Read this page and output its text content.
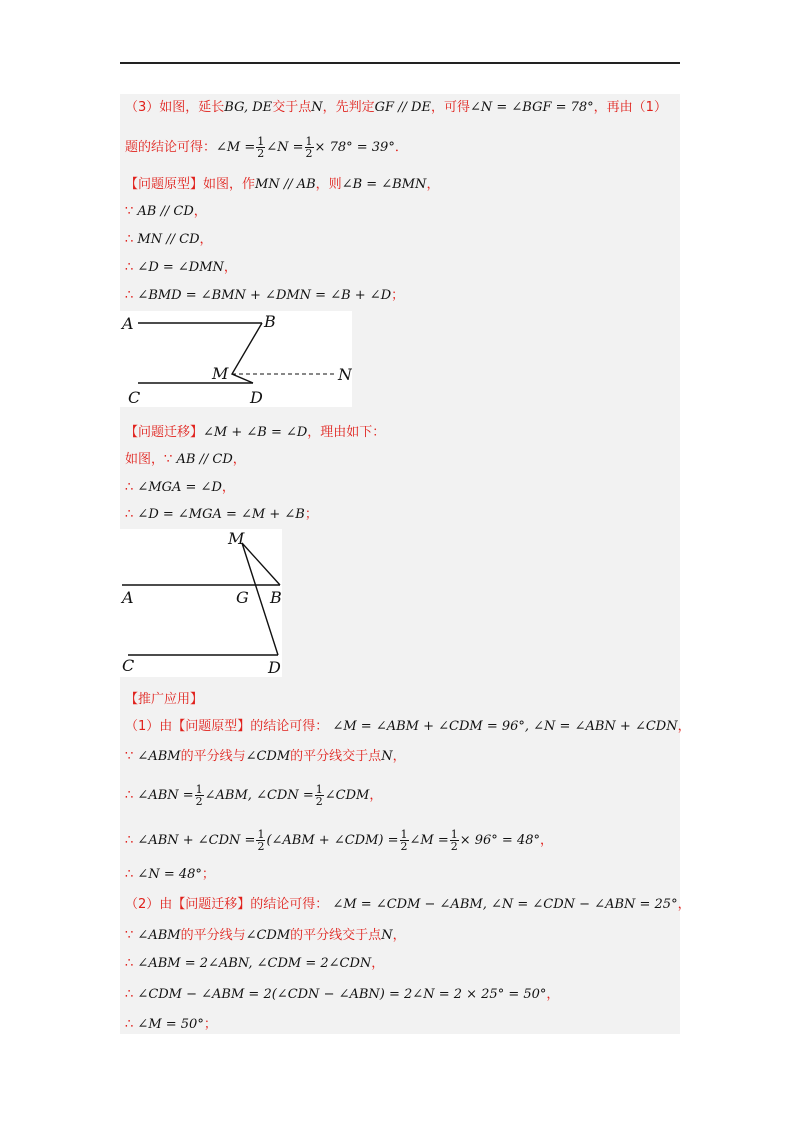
（3）如图，延长BG, DE交于点N，先判定GF // DE，可得∠N = ∠BGF = 78°，再由（1）
题的结论可得：∠M = $\frac{1}{2}$ ∠N = $\frac{1}{2} \times 78^\circ = 39^\circ$．
【问题原型】如图，作MN // AB，则∠B = ∠BMN，
∵ AB // CD，
∴ MN // CD，
∴ ∠D = ∠DMN，
∴ ∠BMD = ∠BMN + ∠DMN = ∠B + ∠D；
A	B
M	N
C	D
【问题迁移】∠M + ∠B = ∠D，理由如下：
如图，∵ AB // CD，
∴ ∠MGA = ∠D，
∴ ∠D = ∠MGA = ∠M + ∠B；
M
A	G B
C	D
【推广应用】
（1）由【问题原型】的结论可得： ∠M = ∠ABM + ∠CDM = 96°, ∠N = ∠ABN + ∠CDN，
∵ ∠ABM的平分线与∠CDM的平分线交于点N，
∴ ∠ABN = $\frac{1}{2}$ ∠ABM, ∠CDN = $\frac{1}{2}$ ∠CDM，
∴ ∠ABN + ∠CDN = $\frac{1}{2}$ (∠ABM + ∠CDM) = $\frac{1}{2}$ ∠M = $\frac{1}{2} \times 96^\circ = 48^\circ$，
∴ ∠N = 48°；
（2）由【问题迁移】的结论可得： ∠M = ∠CDM − ∠ABM, ∠N = ∠CDN − ∠ABN = 25°，
∵ ∠ABM的平分线与∠CDM的平分线交于点N，
∴ ∠ABM = 2∠ABN, ∠CDM = 2∠CDN，
∴ ∠CDM − ∠ABM = 2(∠CDN − ∠ABN) = 2∠N = 2 × 25° = 50°，
∴ ∠M = 50°；
